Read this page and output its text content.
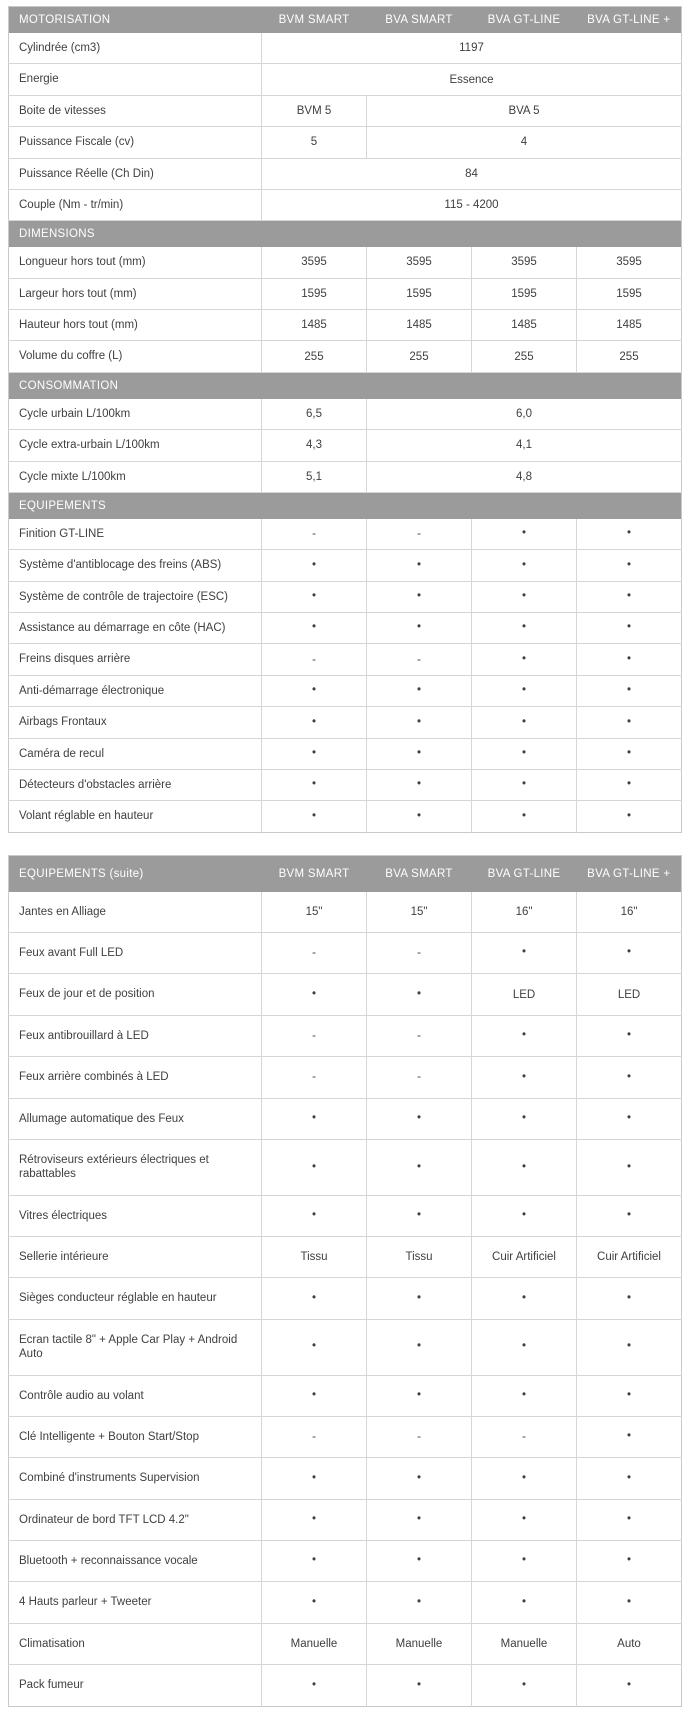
MOTORISATION	BVM SMART	BVA SMART	BVA GT-LINE	BVA GT-LINE +
Cylindrée (cm3)	1197			
Energie	Essence			
Boite de vitesses	BVM 5	BVA 5		
Puissance Fiscale (cv)	5	4		
Puissance Réelle (Ch Din)	84			
Couple (Nm - tr/min)	115 - 4200			
DIMENSIONS				
Longueur hors tout (mm)	3595	3595	3595	3595
Largeur hors tout (mm)	1595	1595	1595	1595
Hauteur hors tout (mm)	1485	1485	1485	1485
Volume du coffre (L)	255	255	255	255
CONSOMMATION				
Cycle urbain L/100km	6,5	6,0		
Cycle extra-urbain L/100km	4,3	4,1		
Cycle mixte L/100km	5,1	4,8		
EQUIPEMENTS				
Finition GT-LINE	-	-	•	•
Système d'antiblocage des freins (ABS)	•	•	•	•
Système de contrôle de trajectoire (ESC)	•	•	•	•
Assistance au démarrage en côte (HAC)	•	•	•	•
Freins disques arrière	-	-	•	•
Anti-démarrage électronique	•	•	•	•
Airbags Frontaux	•	•	•	•
Caméra de recul	•	•	•	•
Détecteurs d'obstacles arrière	•	•	•	•
Volant réglable en hauteur	•	•	•	•
EQUIPEMENTS (suite)	BVM SMART	BVA SMART	BVA GT-LINE	BVA GT-LINE +
Jantes en Alliage	15"	15"	16"	16"
Feux avant Full LED	-	-	•	•
Feux de jour et de position	•	•	LED	LED
Feux antibrouillard à LED	-	-	•	•
Feux arrière combinés à LED	-	-	•	•
Allumage automatique des Feux	•	•	•	•
Rétroviseurs extérieurs électriques et rabattables	•	•	•	•
Vitres électriques	•	•	•	•
Sellerie intérieure	Tissu	Tissu	Cuir Artificiel	Cuir Artificiel
Sièges conducteur réglable en hauteur	•	•	•	•
Ecran tactile 8" + Apple Car Play + Android Auto	•	•	•	•
Contrôle audio au volant	•	•	•	•
Clé Intelligente + Bouton Start/Stop	-	-	-	•
Combiné d'instruments Supervision	•	•	•	•
Ordinateur de bord TFT LCD 4.2"	•	•	•	•
Bluetooth + reconnaissance vocale	•	•	•	•
4 Hauts parleur + Tweeter	•	•	•	•
Climatisation	Manuelle	Manuelle	Manuelle	Auto
Pack fumeur	•	•	•	•
